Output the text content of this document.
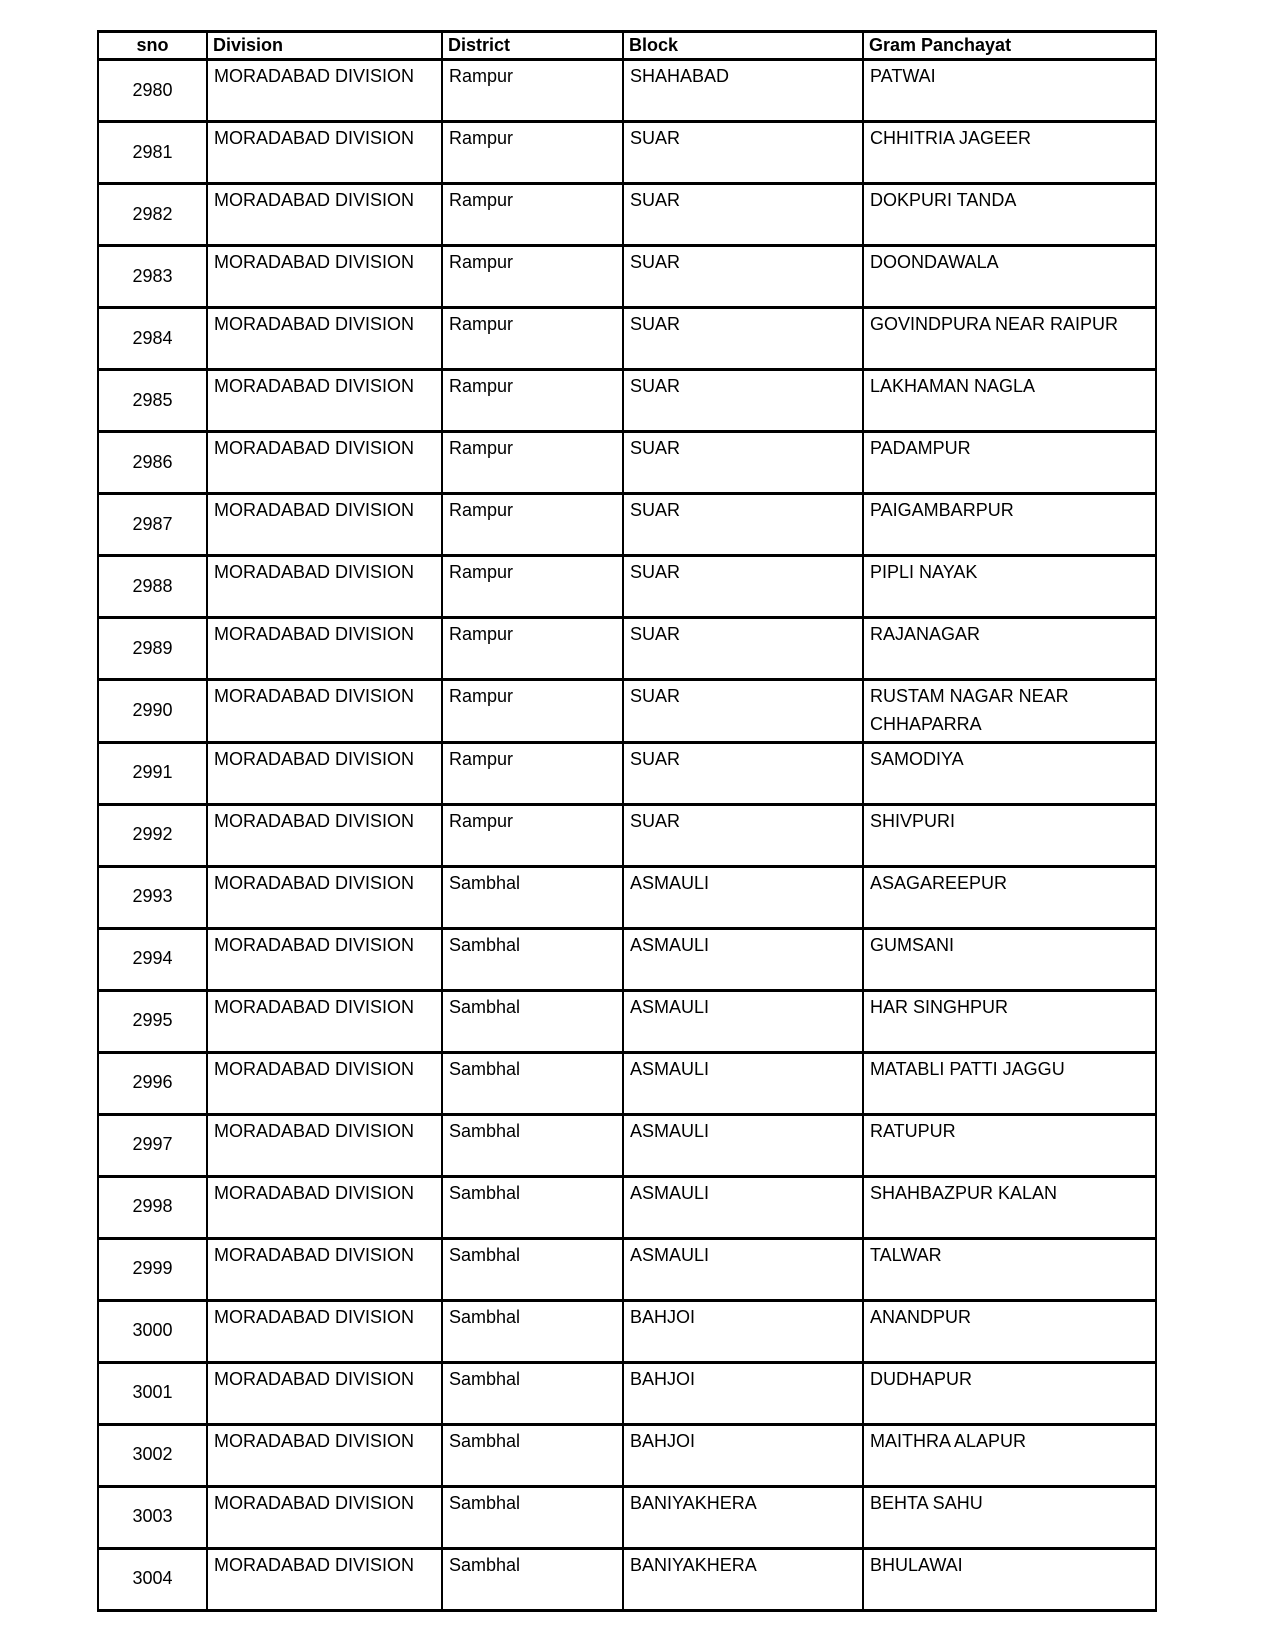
sno	Division	District	Block	Gram Panchayat
2980	MORADABAD DIVISION	Rampur	SHAHABAD	PATWAI
2981	MORADABAD DIVISION	Rampur	SUAR	CHHITRIA JAGEER
2982	MORADABAD DIVISION	Rampur	SUAR	DOKPURI TANDA
2983	MORADABAD DIVISION	Rampur	SUAR	DOONDAWALA
2984	MORADABAD DIVISION	Rampur	SUAR	GOVINDPURA NEAR RAIPUR
2985	MORADABAD DIVISION	Rampur	SUAR	LAKHAMAN NAGLA
2986	MORADABAD DIVISION	Rampur	SUAR	PADAMPUR
2987	MORADABAD DIVISION	Rampur	SUAR	PAIGAMBARPUR
2988	MORADABAD DIVISION	Rampur	SUAR	PIPLI NAYAK
2989	MORADABAD DIVISION	Rampur	SUAR	RAJANAGAR
2990	MORADABAD DIVISION	Rampur	SUAR	RUSTAM NAGAR NEAR CHHAPARRA
2991	MORADABAD DIVISION	Rampur	SUAR	SAMODIYA
2992	MORADABAD DIVISION	Rampur	SUAR	SHIVPURI
2993	MORADABAD DIVISION	Sambhal	ASMAULI	ASAGAREEPUR
2994	MORADABAD DIVISION	Sambhal	ASMAULI	GUMSANI
2995	MORADABAD DIVISION	Sambhal	ASMAULI	HAR SINGHPUR
2996	MORADABAD DIVISION	Sambhal	ASMAULI	MATABLI PATTI JAGGU
2997	MORADABAD DIVISION	Sambhal	ASMAULI	RATUPUR
2998	MORADABAD DIVISION	Sambhal	ASMAULI	SHAHBAZPUR KALAN
2999	MORADABAD DIVISION	Sambhal	ASMAULI	TALWAR
3000	MORADABAD DIVISION	Sambhal	BAHJOI	ANANDPUR
3001	MORADABAD DIVISION	Sambhal	BAHJOI	DUDHAPUR
3002	MORADABAD DIVISION	Sambhal	BAHJOI	MAITHRA ALAPUR
3003	MORADABAD DIVISION	Sambhal	BANIYAKHERA	BEHTA SAHU
3004	MORADABAD DIVISION	Sambhal	BANIYAKHERA	BHULAWAI
